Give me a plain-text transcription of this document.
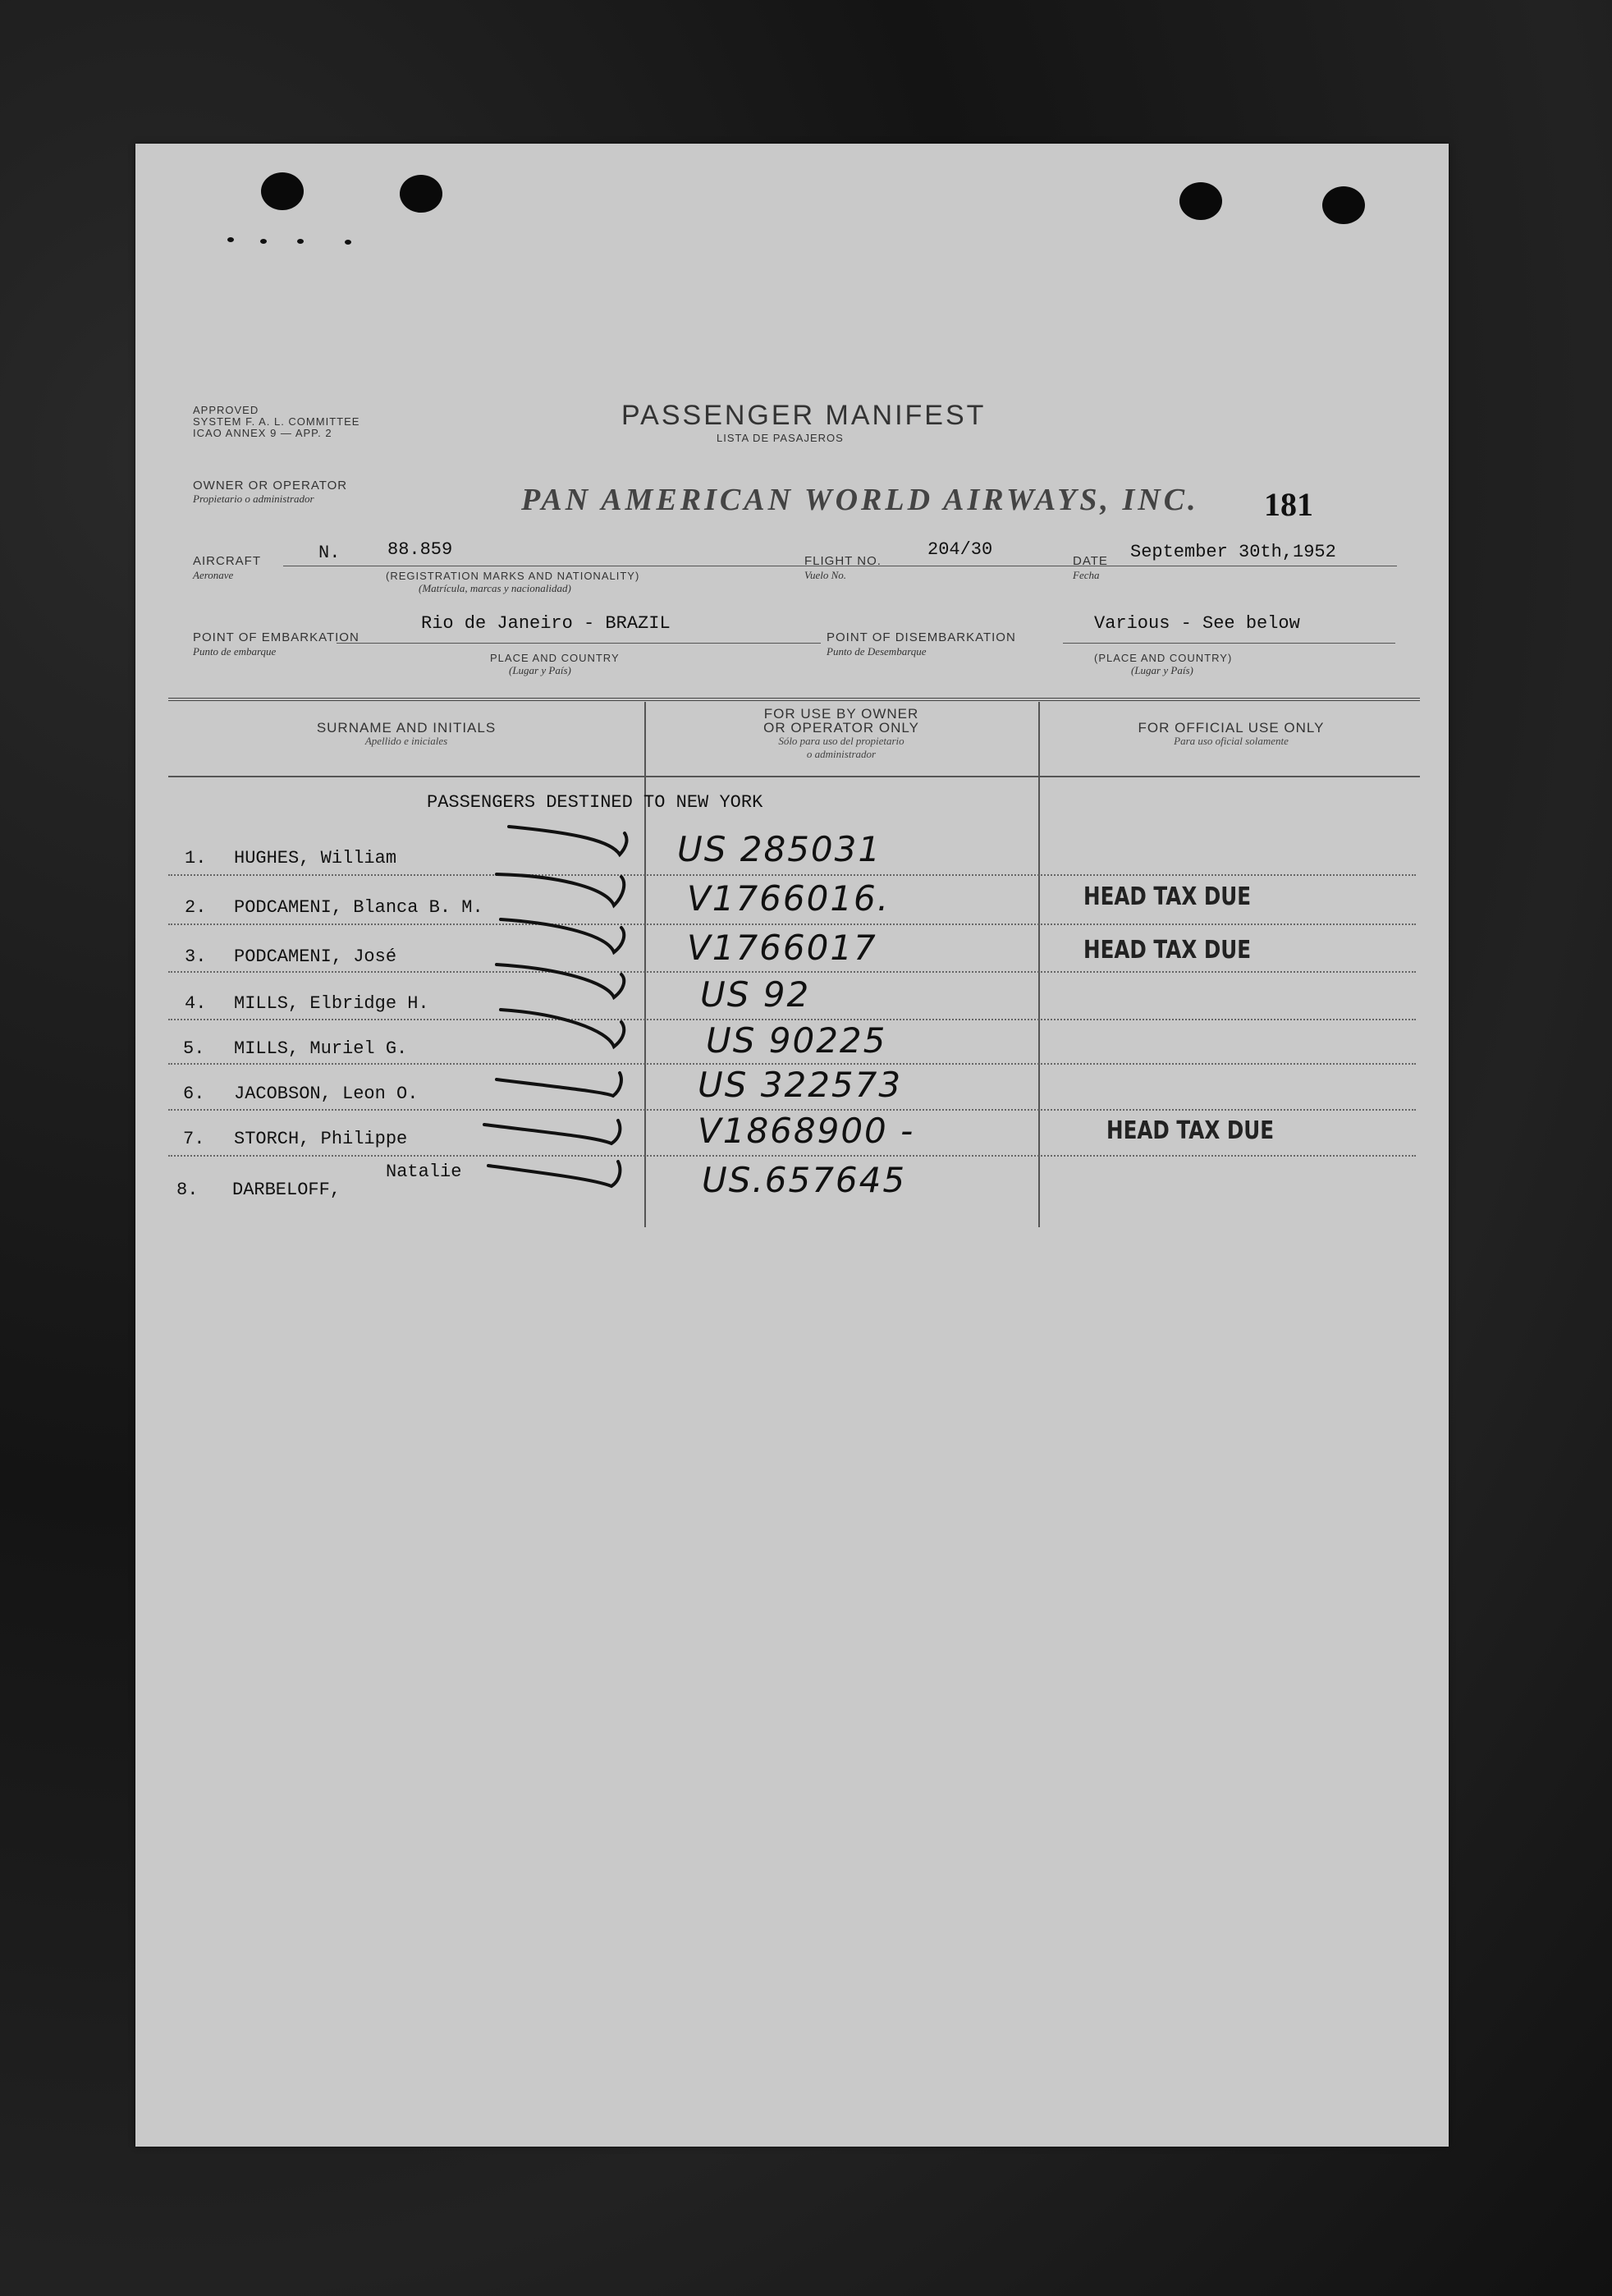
APPROVED
SYSTEM F. A. L. COMMITTEE
ICAO ANNEX 9 — APP. 2
PASSENGER MANIFEST
LISTA DE PASAJEROS
OWNER OR OPERATOR
Propietario o administrador	PAN AMERICAN WORLD AIRWAYS, INC. 181
AIRCRAFT
Aeronave
N.	88.859
(REGISTRATION MARKS AND NATIONALITY)
(Matrícula, marcas y nacionalidad)
FLIGHT NO.
Vuelo No.
204/30
DATE
Fecha
September 30th,1952
POINT OF EMBARKATION
Punto de embarque
Rio de Janeiro - BRAZIL
PLACE AND COUNTRY
(Lugar y País)
POINT OF DISEMBARKATION
Punto de Desembarque
Various - See below
(PLACE AND COUNTRY)
(Lugar y País)
SURNAME AND INITIALS
Apellido e iniciales
FOR USE BY OWNER
OR OPERATOR ONLY
Sólo para uso del propietario
o administrador
FOR OFFICIAL USE ONLY
Para uso oficial solamente
PASSENGERS DESTINED TO NEW YORK
1. HUGHES, William	US 285031
2. PODCAMENI, Blanca B. M.	V1766016.	HEAD TAX DUE
3. PODCAMENI, José	V1766017	HEAD TAX DUE
4. MILLS, Elbridge H.	US 92
5. MILLS, Muriel G.	US 90225
6. JACOBSON, Leon O.	US 322573
7. STORCH, Philippe	V1868900 -	HEAD TAX DUE
8. DARBELOFF,
Natalie	US.657645
